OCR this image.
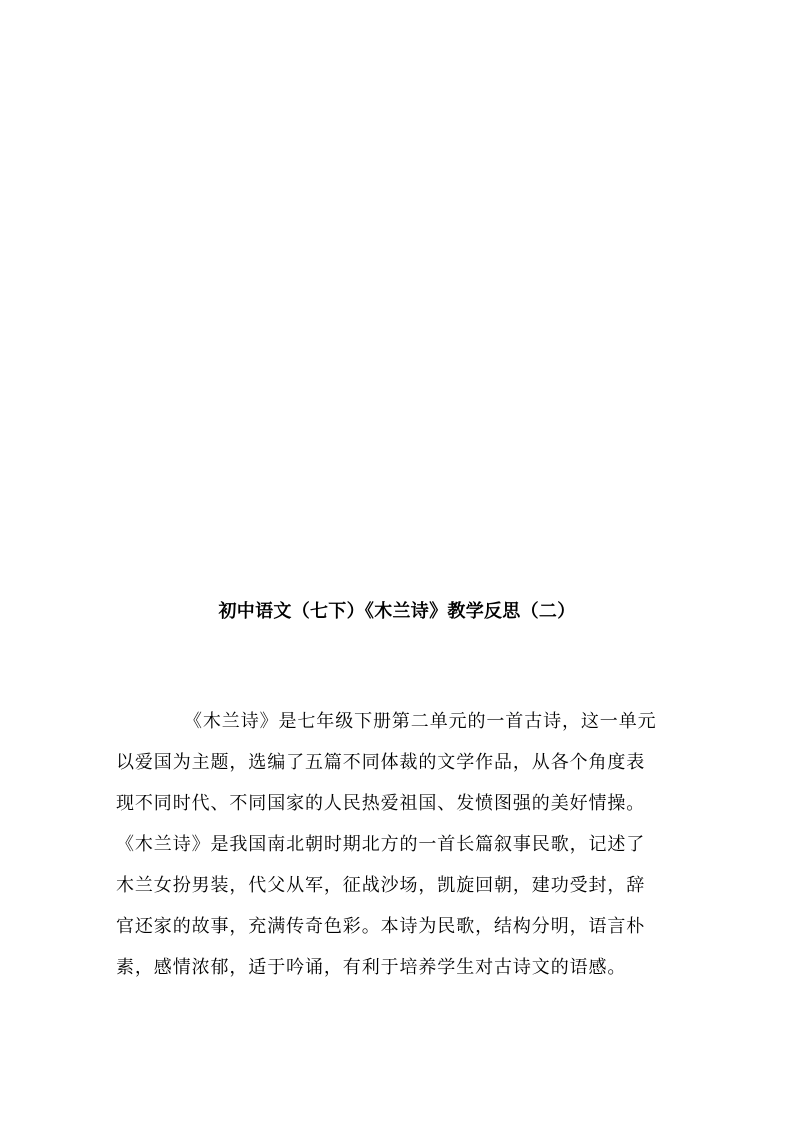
初中语文（七下）《木兰诗》教学反思（二）
《木兰诗》是七年级下册第二单元的一首古诗，这一单元
以爱国为主题，选编了五篇不同体裁的文学作品，从各个角度表
现不同时代、不同国家的人民热爱祖国、发愤图强的美好情操。
《木兰诗》是我国南北朝时期北方的一首长篇叙事民歌，记述了
木兰女扮男装，代父从军，征战沙场，凯旋回朝，建功受封，辞
官还家的故事，充满传奇色彩。本诗为民歌，结构分明，语言朴
素，感情浓郁，适于吟诵，有利于培养学生对古诗文的语感。
